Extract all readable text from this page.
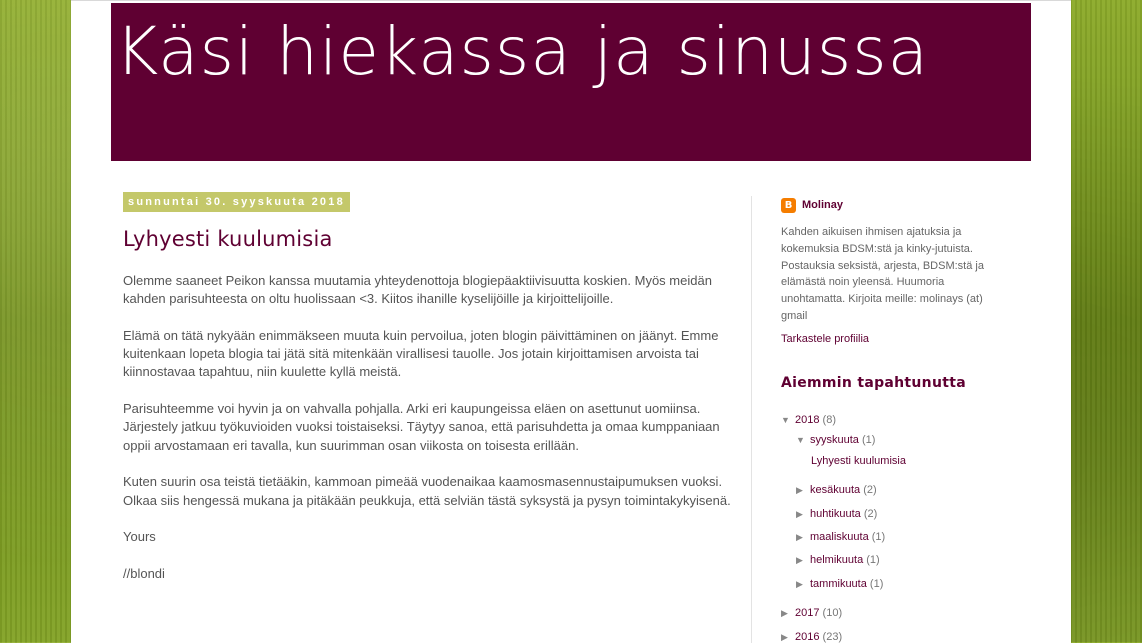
Käsi hiekassa ja sinussa
sunnuntai 30. syyskuuta 2018
Lyhyesti kuulumisia

Olemme saaneet Peikon kanssa muutamia yhteydenottoja blogiepäaktiivisuutta koskien. Myös meidän kahden parisuhteesta on oltu huolissaan <3. Kiitos ihanille kyselijöille ja kirjoittelijoille.

Elämä on tätä nykyään enimmäkseen muuta kuin pervoilua, joten blogin päivittäminen on jäänyt. Emme kuitenkaan lopeta blogia tai jätä sitä mitenkään virallisesi tauolle. Jos jotain kirjoittamisen arvoista tai kiinnostavaa tapahtuu, niin kuulette kyllä meistä.

Parisuhteemme voi hyvin ja on vahvalla pohjalla. Arki eri kaupungeissa eläen on asettunut uomiinsa. Järjestely jatkuu työkuvioiden vuoksi toistaiseksi. Täytyy sanoa, että parisuhdetta ja omaa kumppaniaan oppii arvostamaan eri tavalla, kun suurimman osan viikosta on toisesta erillään.

Kuten suurin osa teistä tietääkin, kammoan pimeää vuodenaikaa kaamosmasennustaipumuksen vuoksi. Olkaa siis hengessä mukana ja pitäkään peukkuja, että selviän tästä syksystä ja pysyn toimintakykyisenä.

Yours

//blondi

B
Molinay
Kahden aikuisen ihmisen ajatuksia ja kokemuksia BDSM:stä ja kinky-jutuista. Postauksia seksistä, arjesta, BDSM:stä ja elämästä noin yleensä. Huumoria unohtamatta. Kirjoita meille: molinays (at) gmail
Tarkastele profiilia
Aiemmin tapahtunutta
▼ 2018 (8)
▼ syyskuuta (1)
Lyhyesti kuulumisia
▶ kesäkuuta (2)
▶ huhtikuuta (2)
▶ maaliskuuta (1)
▶ helmikuuta (1)
▶ tammikuuta (1)
▶ 2017 (10)
▶ 2016 (23)
